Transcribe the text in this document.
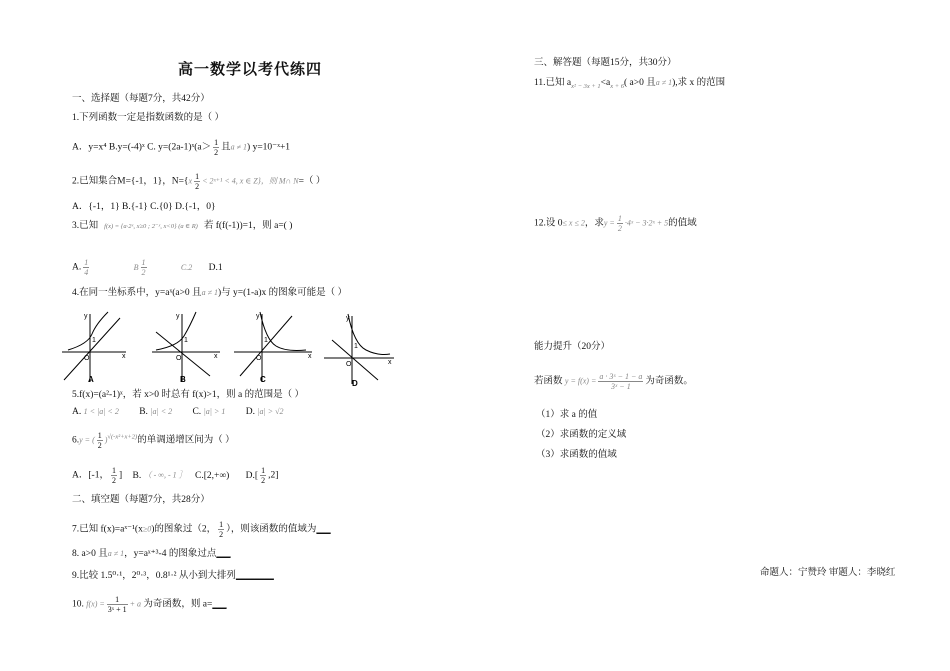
高一数学以考代练四
一、选择题（每题7分，共42分）
1.下列函数一定是指数函数的是（ ）
A．y=x⁴ B.y=(-4)ˣ C. y=(2a-1)ˣ(a＞ $\frac{1}{2}$ 且a ≠ 1) y=10⁻ˣ+1
2.已知集合M={-1，1}，$N=\{x \frac{1}{2}$ < 2ˣ⁺¹ < 4, x ∈ Z}，则 M∩ N=（ ）
A．{-1，1} B.{-1} C.{0} D.{-1，0}
3.已知 f(x) = {a·2ˣ, x≥0 ; 2⁻ˣ, x<0} (a ∈ R) 若 f(f(-1))=1，则 a=( )
A. $\frac{1}{4}$	B $\frac{1}{2}$	C.2 D.1
4.在同一坐标系中，y=aˣ(a>0 且a ≠ 1)与 y=(1-a)x 的图象可能是（ ）
y
x
O
1
A
y
x
O
1
B
y
x
O
1
C
y
x
O
1
D
5.f(x)=(a²-1)ˣ，若 x>0 时总有 f(x)>1，则 a 的范围是（ ）
A. 1 < |a| < 2 B. |a| < 2 C. |a| > 1 D. |a| > √2
6.y = ( $\frac{1}{2} )^{√(-x^2+x+2)}$的单调递增区间为（ ）
A．[-1， $\frac{1}{2}$ ] B. （ - ∞, - 1 ］ C.[2,+∞) $D.[ \frac{1}{2} ,2]$
二、填空题（每题7分，共28分）
7.已知 f(x)=aˣ⁻¹(x≥0)的图象过（2， $\frac{1}{2}$ ），则该函数的值域为___
8. a>0 且a ≠ 1，y=aˣ⁺³-4 的图象过点___
9.比较 1.5⁰·¹，2⁰·³，0.8¹·² 从小到大排列________
10. $f(x) = \frac{1}{\text{3ˣ + 1}} + a$ 为奇函数，则 a=___
三、解答题（每题15分，共30分）
11.已知 $a_{x^2 - 3x + 1}<a_{x + 6}$( a>0 且a ≠ 1),求 x 的范围
12.设 0≤ x ≤ 2，求$y = \frac{1}{2}$ ·4ˣ − 3·2ˣ + 5的值域
能力提升（20分）
若函数 $y = f(x) = \frac{\text{a · 3ˣ − 1 − a}}{\text{3ˣ − 1}}$ 为奇函数。
（1）求 a 的值
（2）求函数的定义域
（3）求函数的值域
命题人：宁赞玲 审题人：李晓红
